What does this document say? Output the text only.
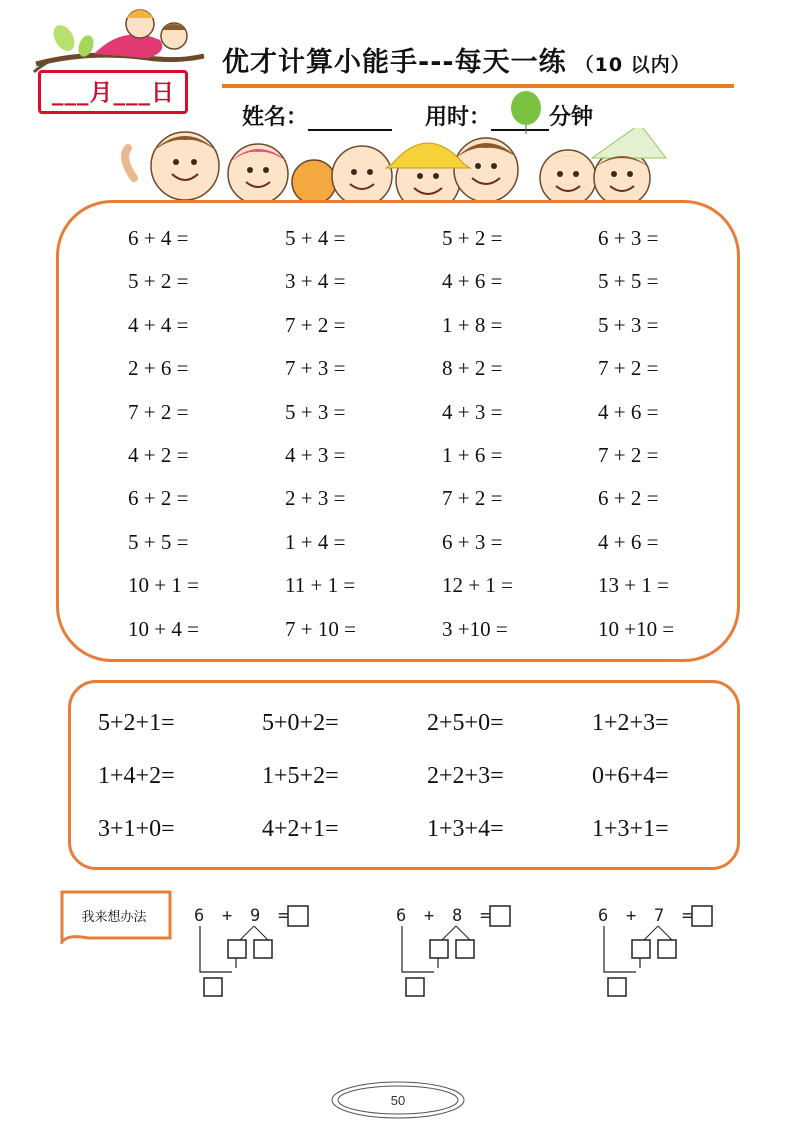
___月___日
优才计算小能手---每天一练 （10 以内）
姓名：	用时：	分钟
6 + 4 =	5 + 4 =	5 + 2 =	6 + 3 =
5 + 2 =	3 + 4 =	4 + 6 =	5 + 5 =
4 + 4 =	7 + 2 =	1 + 8 =	5 + 3 =
2 + 6 =	7 + 3 =	8 + 2 =	7 + 2 =
7 + 2 =	5 + 3 =	4 + 3 =	4 + 6 =
4 + 2 =	4 + 3 =	1 + 6 =	7 + 2 =
6 + 2 =	2 + 3 =	7 + 2 =	6 + 2 =
5 + 5 =	1 + 4 =	6 + 3 =	4 + 6 =
10 + 1 =	11 + 1 =	12 + 1 =	13 + 1 =
10 + 4 =	7 + 10 =	3 +10 =	10 +10 =
5+2+1=	5+0+2=	2+5+0=	1+2+3=
1+4+2=	1+5+2=	2+2+3=	0+6+4=
3+1+0=	4+2+1=	1+3+4=	1+3+1=
我来想办法	6 + 9 =	6 + 8 =	6 + 7 =
50
